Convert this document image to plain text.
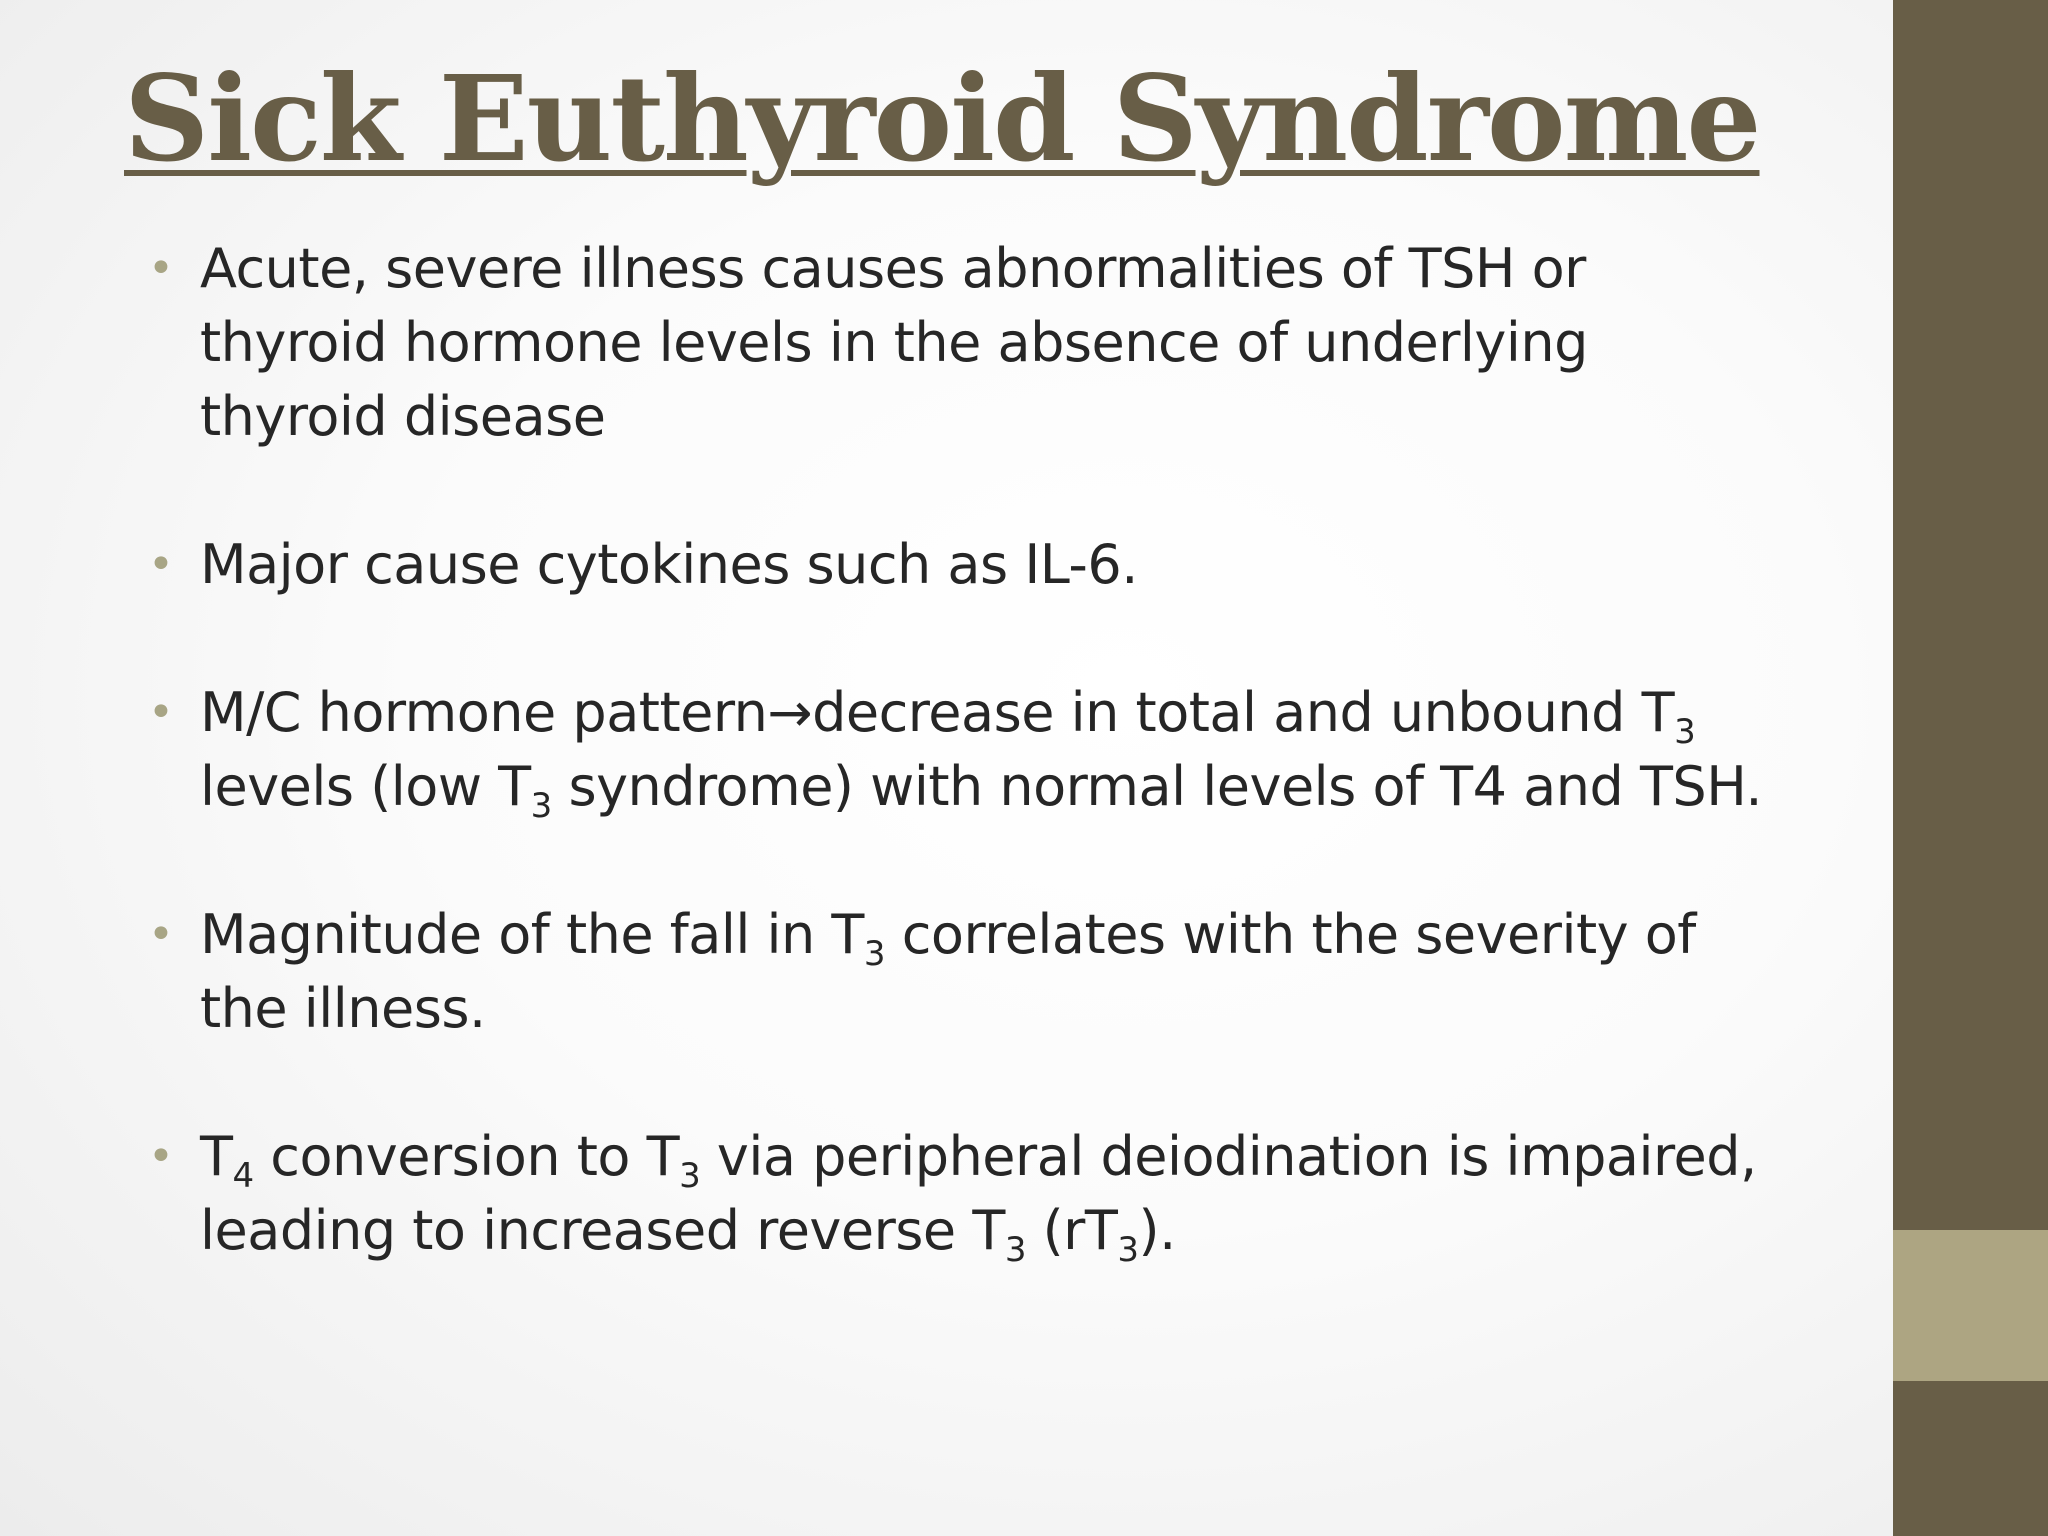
Sick Euthyroid Syndrome
• Acute, severe illness causes abnormalities of TSH or thyroid hormone levels in the absence of underlying thyroid disease
• Major cause cytokines such as IL-6.
• M/C hormone pattern→decrease in total and unbound $T_3$ levels (low $T_3$ syndrome) with normal levels of T4 and TSH.
• Magnitude of the fall in $T_3$ correlates with the severity of the illness.
• $T_4$ conversion to $T_3$ via peripheral deiodination is impaired, leading to increased reverse $T_3$ $(rT_3)$.
